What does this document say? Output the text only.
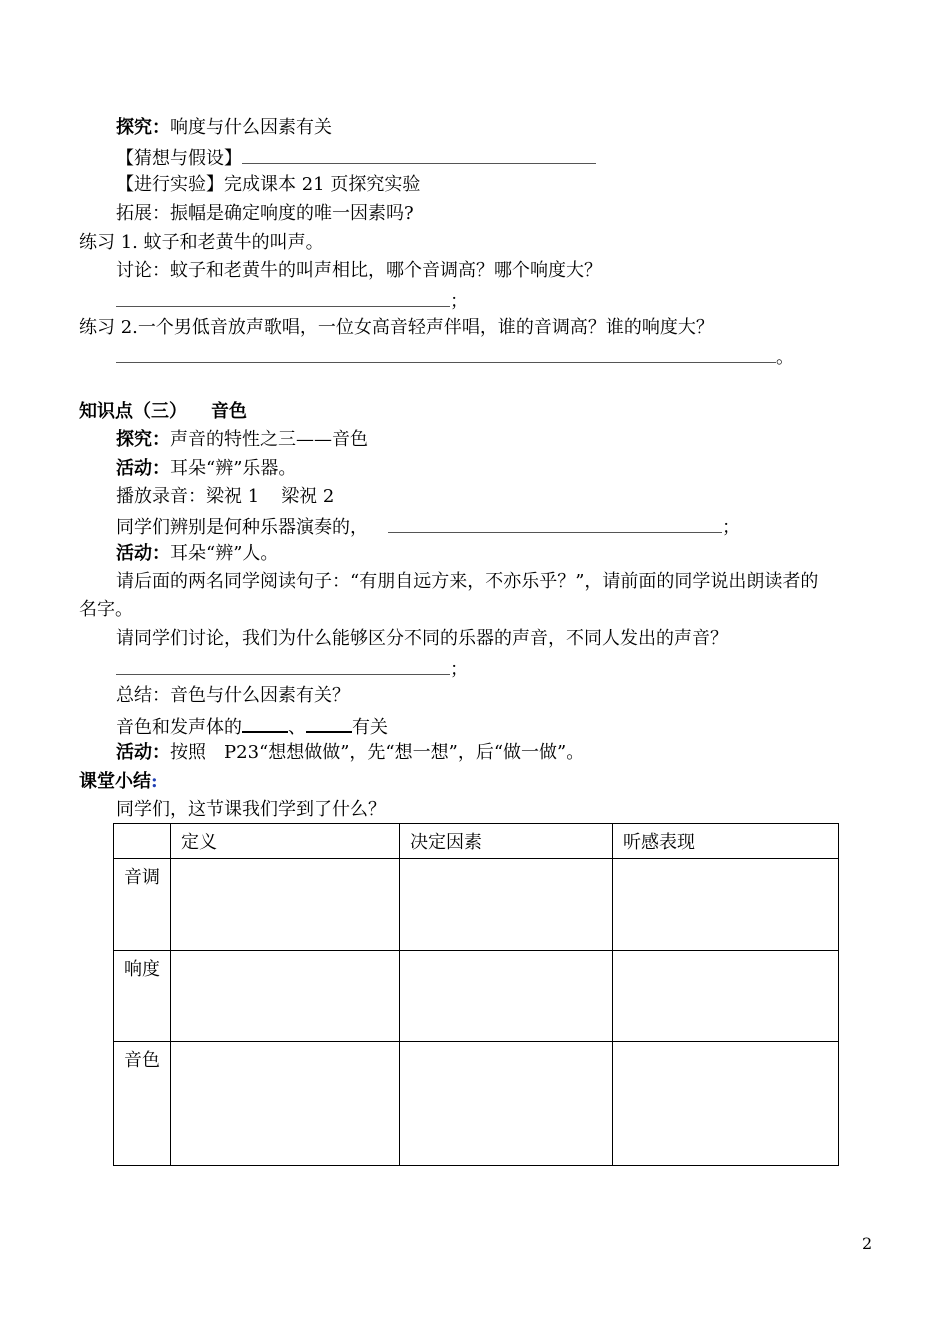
探究：响度与什么因素有关
【猜想与假设】
【进行实验】完成课本 21 页探究实验
拓展：振幅是确定响度的唯一因素吗?
练习 1. 蚊子和老黄牛的叫声。
讨论：蚊子和老黄牛的叫声相比，哪个音调高？哪个响度大？
；
练习 2.一个男低音放声歌唱，一位女高音轻声伴唱，谁的音调高？谁的响度大？
。
知识点（三） 音色
探究：声音的特性之三——音色
活动：耳朵“辨”乐器。
播放录音：梁祝 1 梁祝 2
同学们辨别是何种乐器演奏的，	；
活动：耳朵“辨”人。
请后面的两名同学阅读句子：“有朋自远方来，不亦乐乎？”，请前面的同学说出朗读者的
名字。
请同学们讨论，我们为什么能够区分不同的乐器的声音，不同人发出的声音？
；
总结：音色与什么因素有关？
音色和发声体的	、	有关
活动：按照　P23“想想做做”，先“想一想”，后“做一做”。
课堂小结:
同学们，这节课我们学到了什么？
	定义	决定因素	听感表现
音调			
响度			
音色			
2
